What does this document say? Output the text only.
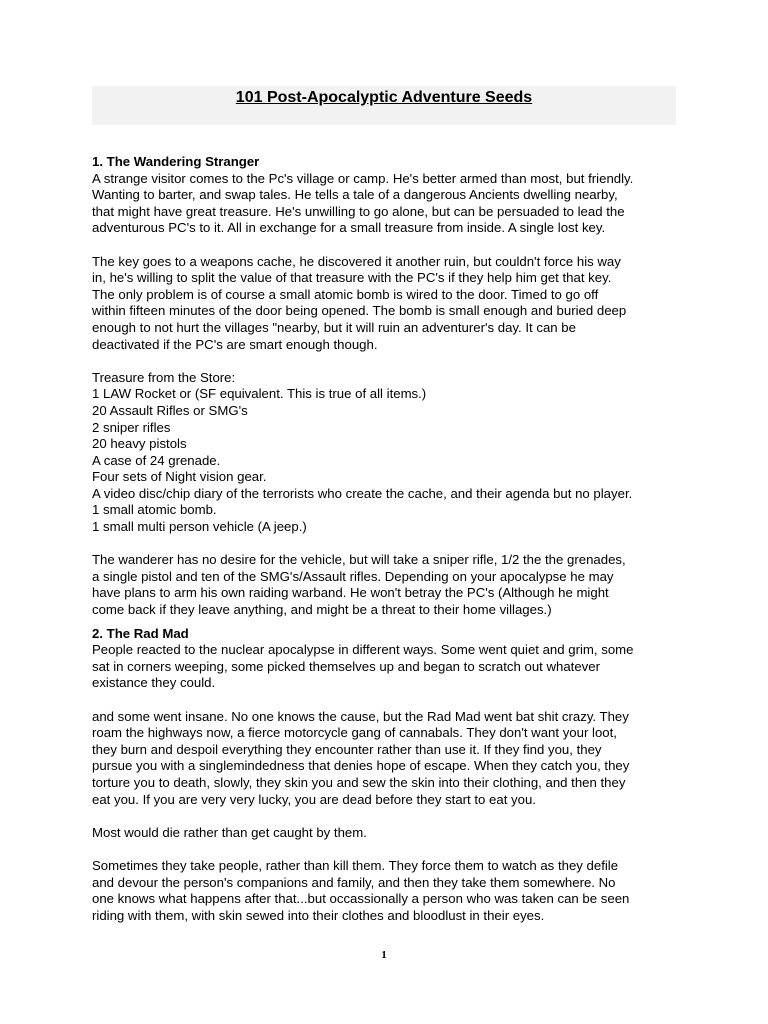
101 Post-Apocalyptic Adventure Seeds
1. The Wandering Stranger

A strange visitor comes to the Pc's village or camp. He's better armed than most, but friendly.

Wanting to barter, and swap tales. He tells a tale of a dangerous Ancients dwelling nearby,

that might have great treasure. He's unwilling to go alone, but can be persuaded to lead the

adventurous PC's to it. All in exchange for a small treasure from inside. A single lost key.

The key goes to a weapons cache, he discovered it another ruin, but couldn't force his way

in, he's willing to split the value of that treasure with the PC's if they help him get that key.

The only problem is of course a small atomic bomb is wired to the door. Timed to go off

within fifteen minutes of the door being opened. The bomb is small enough and buried deep

enough to not hurt the villages "nearby, but it will ruin an adventurer's day. It can be

deactivated if the PC's are smart enough though.

Treasure from the Store:

1 LAW Rocket or (SF equivalent. This is true of all items.)

20 Assault Rifles or SMG's

2 sniper rifles

20 heavy pistols

A case of 24 grenade.

Four sets of Night vision gear.

A video disc/chip diary of the terrorists who create the cache, and their agenda but no player.

1 small atomic bomb.

1 small multi person vehicle (A jeep.)

The wanderer has no desire for the vehicle, but will take a sniper rifle, 1/2 the the grenades,

a single pistol and ten of the SMG's/Assault rifles. Depending on your apocalypse he may

have plans to arm his own raiding warband. He won't betray the PC's (Although he might

come back if they leave anything, and might be a threat to their home villages.)

2. The Rad Mad

People reacted to the nuclear apocalypse in different ways. Some went quiet and grim, some

sat in corners weeping, some picked themselves up and began to scratch out whatever

existance they could.

and some went insane. No one knows the cause, but the Rad Mad went bat shit crazy. They

roam the highways now, a fierce motorcycle gang of cannabals. They don't want your loot,

they burn and despoil everything they encounter rather than use it. If they find you, they

pursue you with a singlemindedness that denies hope of escape. When they catch you, they

torture you to death, slowly, they skin you and sew the skin into their clothing, and then they

eat you. If you are very very lucky, you are dead before they start to eat you.

Most would die rather than get caught by them.

Sometimes they take people, rather than kill them. They force them to watch as they defile

and devour the person's companions and family, and then they take them somewhere. No

one knows what happens after that...but occassionally a person who was taken can be seen

riding with them, with skin sewed into their clothes and bloodlust in their eyes.

1
